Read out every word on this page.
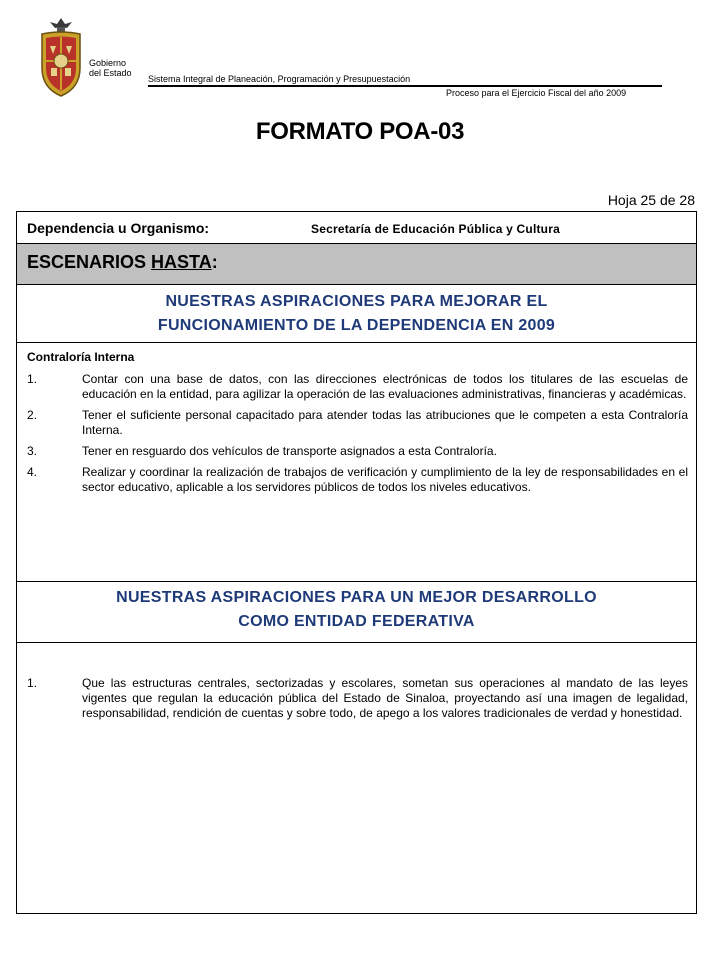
Gobierno
del Estado
Sistema Integral de Planeación, Programación y Presupuestación
Proceso para el Ejercicio Fiscal del año 2009
FORMATO POA-03
Hoja 25 de 28
Dependencia u Organismo:	Secretaría de Educación Pública y Cultura
ESCENARIOS HASTA:
NUESTRAS ASPIRACIONES PARA MEJORAR EL
FUNCIONAMIENTO DE LA DEPENDENCIA EN 2009
Contraloría Interna
1.	Contar con una base de datos, con las direcciones electrónicas de todos los titulares de las escuelas de educación en la entidad, para agilizar la operación de las evaluaciones administrativas, financieras y académicas.
2.	Tener el suficiente personal capacitado para atender todas las atribuciones que le competen a esta Contraloría Interna.
3.	Tener en resguardo dos vehículos de transporte asignados a esta Contraloría.
4.	Realizar y coordinar la realización de trabajos de verificación y cumplimiento de la ley de responsabilidades en el sector educativo, aplicable a los servidores públicos de todos los niveles educativos.
NUESTRAS ASPIRACIONES PARA UN MEJOR DESARROLLO
COMO ENTIDAD FEDERATIVA
1.	Que las estructuras centrales, sectorizadas y escolares, sometan sus operaciones al mandato de las leyes vigentes que regulan la educación pública del Estado de Sinaloa, proyectando así una imagen de legalidad, responsabilidad, rendición de cuentas y sobre todo, de apego a los valores tradicionales de verdad y honestidad.
